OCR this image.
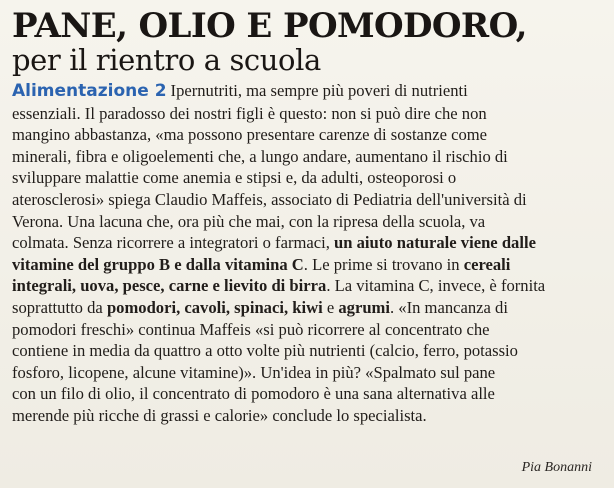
PANE, OLIO E POMODORO,
per il rientro a scuola
Alimentazione 2 Ipernutriti, ma sempre più poveri di nutrienti
essenziali. Il paradosso dei nostri figli è questo: non si può dire che non
mangino abbastanza, «ma possono presentare carenze di sostanze come
minerali, fibra e oligoelementi che, a lungo andare, aumentano il rischio di
sviluppare malattie come anemia e stipsi e, da adulti, osteoporosi o
aterosclerosi» spiega Claudio Maffeis, associato di Pediatria dell'università di
Verona. Una lacuna che, ora più che mai, con la ripresa della scuola, va
colmata. Senza ricorrere a integratori o farmaci, un aiuto naturale viene dalle
vitamine del gruppo B e dalla vitamina C. Le prime si trovano in cereali
integrali, uova, pesce, carne e lievito di birra. La vitamina C, invece, è fornita
soprattutto da pomodori, cavoli, spinaci, kiwi e agrumi. «In mancanza di
pomodori freschi» continua Maffeis «si può ricorrere al concentrato che
contiene in media da quattro a otto volte più nutrienti (calcio, ferro, potassio
fosforo, licopene, alcune vitamine)». Un'idea in più? «Spalmato sul pane
con un filo di olio, il concentrato di pomodoro è una sana alternativa alle
merende più ricche di grassi e calorie» conclude lo specialista.
Pia Bonanni
